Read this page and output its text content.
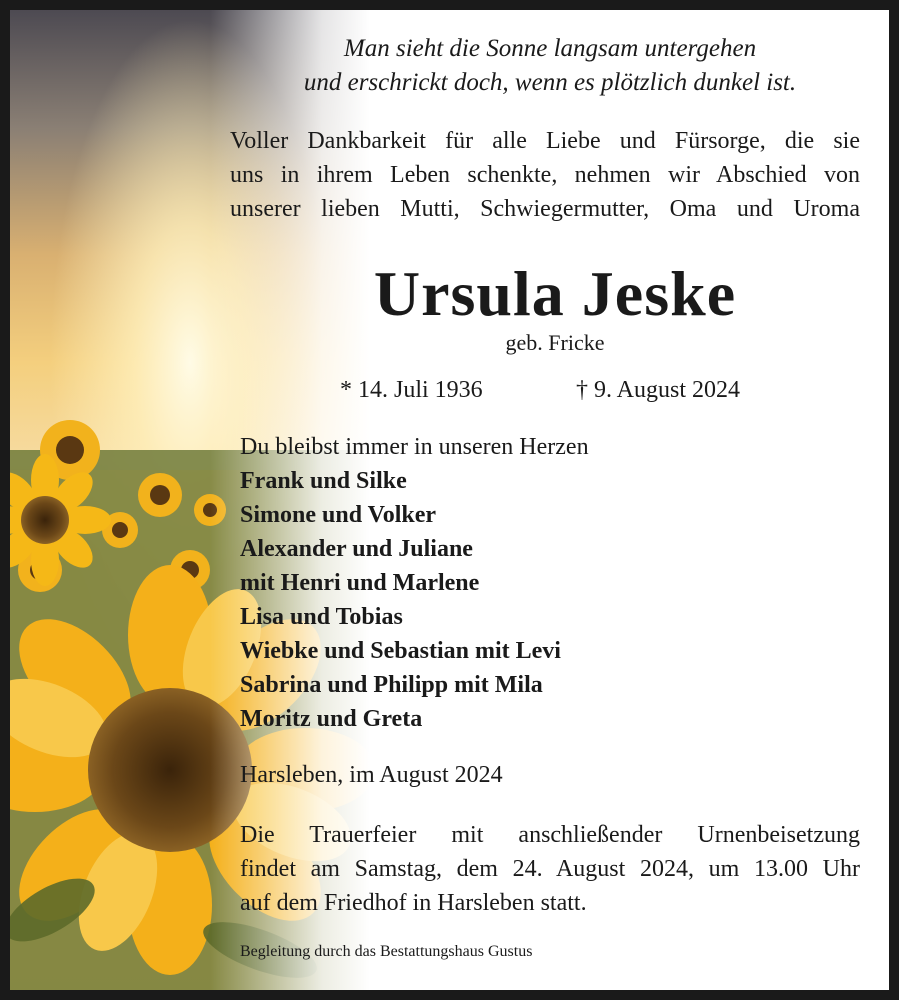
Man sieht die Sonne langsam untergehen
und erschrickt doch, wenn es plötzlich dunkel ist.
Voller Dankbarkeit für alle Liebe und Fürsorge, die sie
uns in ihrem Leben schenkte, nehmen wir Abschied von
unserer lieben Mutti, Schwiegermutter, Oma und Uroma
Ursula Jeske
geb. Fricke
* 14. Juli 1936	† 9. August 2024
Du bleibst immer in unseren Herzen
Frank und Silke
Simone und Volker
Alexander und Juliane
mit Henri und Marlene
Lisa und Tobias
Wiebke und Sebastian mit Levi
Sabrina und Philipp mit Mila
Moritz und Greta
Harsleben, im August 2024
Die Trauerfeier mit anschließender Urnenbeisetzung
findet am Samstag, dem 24. August 2024, um 13.00 Uhr
auf dem Friedhof in Harsleben statt.
Begleitung durch das Bestattungshaus Gustus
